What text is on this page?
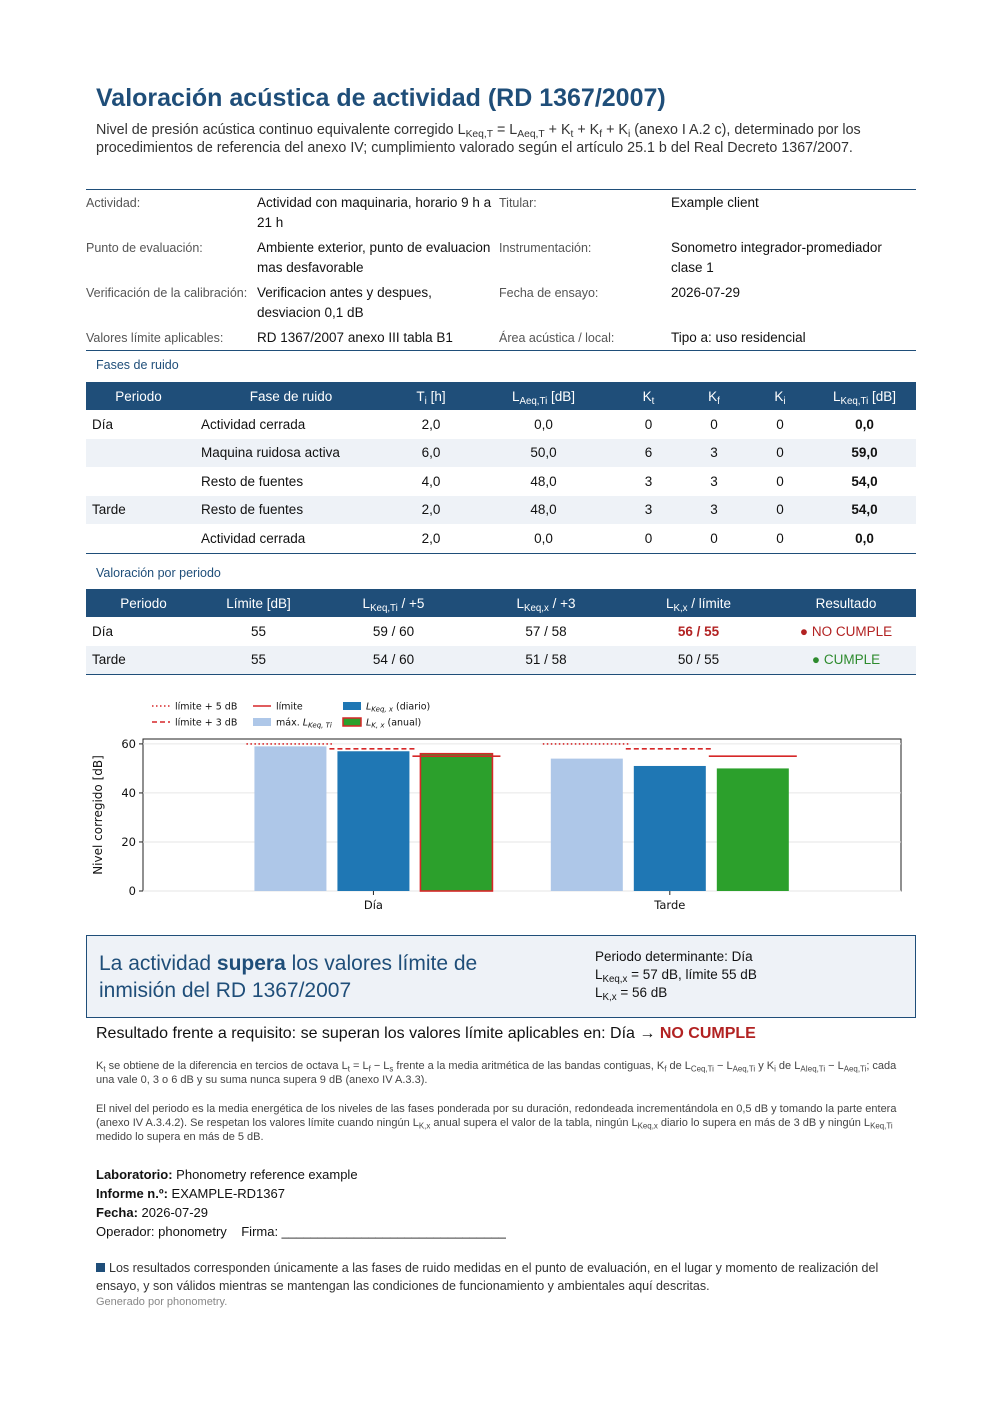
Valoración acústica de actividad (RD 1367/2007)
Nivel de presión acústica continuo equivalente corregido $L_{Keq,T} = L_{Aeq,T} + K_t + K_f + K_i$ (anexo I A.2 c), determinado por los procedimientos de referencia del anexo IV; cumplimiento valorado según el artículo 25.1 b del Real Decreto 1367/2007.
Actividad:	Actividad con maquinaria, horario 9 h a 21 h
Titular:	Example client
Punto de evaluación:	Ambiente exterior, punto de evaluacion mas desfavorable
Instrumentación:	Sonometro integrador-promediador clase 1
Verificación de la calibración: Verificacion antes y despues, desviacion 0,1 dB
Fecha de ensayo:	2026-07-29
Valores límite aplicables:	RD 1367/2007 anexo III tabla B1	Área acústica / local:	Tipo a: uso residencial
Fases de ruido
Periodo	Fase de ruido	$T_i$ [h]	$L_{Aeq,Ti}$ [dB]	$K_t$	$K_f$	$K_i$	$L_{Keq,Ti}$ [dB]
Día	Actividad cerrada	2,0	0,0	0	0	0	0,0
	Maquina ruidosa activa	6,0	50,0	6	3	0	59,0
	Resto de fuentes	4,0	48,0	3	3	0	54,0
Tarde	Resto de fuentes	2,0	48,0	3	3	0	54,0
	Actividad cerrada	2,0	0,0	0	0	0	0,0
Valoración por periodo
Periodo	Límite [dB]	$L_{Keq,Ti} / +5$	$L_{Keq,x} / +3$	$L_{K,x}$ / límite	Resultado
Día	55	59 / 60	57 / 58	56 / 55	● NO CUMPLE
Tarde	55	54 / 60	51 / 58	50 / 55	● CUMPLE
límite + 5 dB
límite + 3 dB
límite
máx. $L_{Keq, Ti}$
$L_{Keq, x}$ (diario)
$L_{K, x}$ (anual)
0
20
40
60
Día	Tarde
Nivel corregido [dB]
La actividad supera los valores límite de inmisión del RD 1367/2007
Periodo determinante: Día
$L_{Keq,x} = 57$ dB, límite 55 dB
$L_{K,x} = 56$ dB
Resultado frente a requisito: se superan los valores límite aplicables en: Día → NO CUMPLE
$K_t$ se obtiene de la diferencia en tercios de octava $L_t = L_f - L_s$ frente a la media aritmética de las bandas contiguas, $K_f$ de $L_{Ceq,Ti} - L_{Aeq,Ti}$ y $K_i$ de $L_{AIeq,Ti} - L_{Aeq,Ti}$; cada una vale 0, 3 o 6 dB y su suma nunca supera 9 dB (anexo IV A.3.3).
El nivel del periodo es la media energética de los niveles de las fases ponderada por su duración, redondeada incrementándola en 0,5 dB y tomando la parte entera (anexo IV A.3.4.2). Se respetan los valores límite cuando ningún $L_{K,x}$ anual supera el valor de la tabla, ningún $L_{Keq,x}$ diario lo supera en más de 3 dB y ningún $L_{Keq,Ti}$ medido lo supera en más de 5 dB.
Laboratorio: Phonometry reference example
Informe n.º: EXAMPLE-RD1367
Fecha: 2026-07-29
Operador: phonometry    Firma: _______________________________
Los resultados corresponden únicamente a las fases de ruido medidas en el punto de evaluación, en el lugar y momento de realización del ensayo, y son válidos mientras se mantengan las condiciones de funcionamiento y ambientales aquí descritas.
Generado por phonometry.
